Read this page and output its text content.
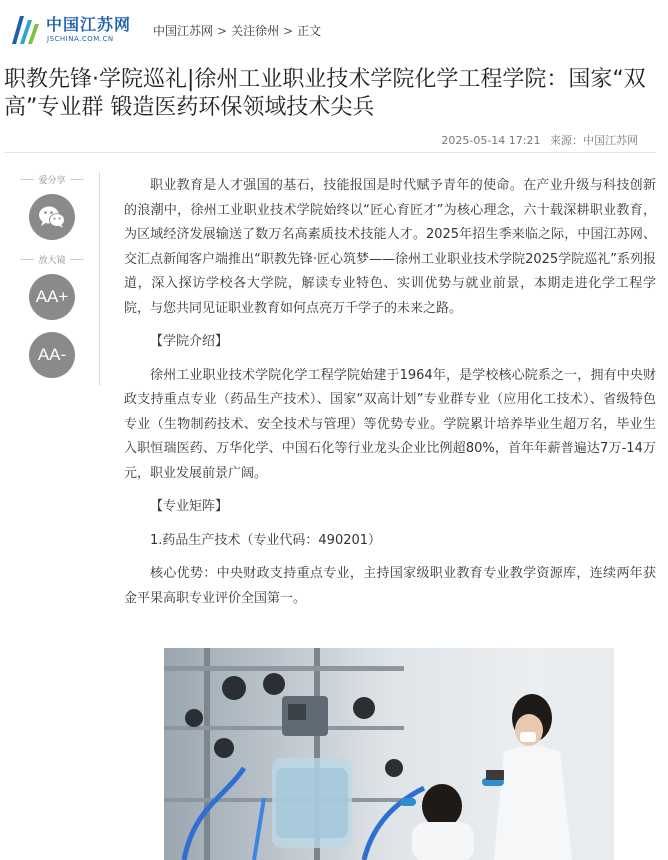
中国江苏网
JSCHINA.COM.CN
中国江苏网 > 关注徐州 > 正文
职教先锋·学院巡礼|徐州工业职业技术学院化学工程学院：国家“双高”专业群 锻造医药环保领域技术尖兵
2025-05-14 17:21 来源：中国江苏网
爱分享
放大镜
AA+
AA-

职业教育是人才强国的基石，技能报国是时代赋予青年的使命。在产业升级与科技创新的浪潮中，徐州工业职业技术学院始终以“匠心育匠才”为核心理念，六十载深耕职业教育，为区域经济发展输送了数万名高素质技术技能人才。2025年招生季来临之际，中国江苏网、交汇点新闻客户端推出“职教先锋·匠心筑梦——徐州工业职业技术学院2025学院巡礼”系列报道，深入探访学校各大学院，解读专业特色、实训优势与就业前景，本期走进化学工程学院，与您共同见证职业教育如何点亮万千学子的未来之路。

【学院介绍】

徐州工业职业技术学院化学工程学院始建于1964年，是学校核心院系之一，拥有中央财政支持重点专业（药品生产技术）、国家“双高计划”专业群专业（应用化工技术）、省级特色专业（生物制药技术、安全技术与管理）等优势专业。学院累计培养毕业生超万名，毕业生入职恒瑞医药、万华化学、中国石化等行业龙头企业比例超80%，首年年薪普遍达7万-14万元，职业发展前景广阔。

【专业矩阵】

1.药品生产技术（专业代码：490201）

核心优势：中央财政支持重点专业，主持国家级职业教育专业教学资源库，连续两年获金平果高职专业评价全国第一。
